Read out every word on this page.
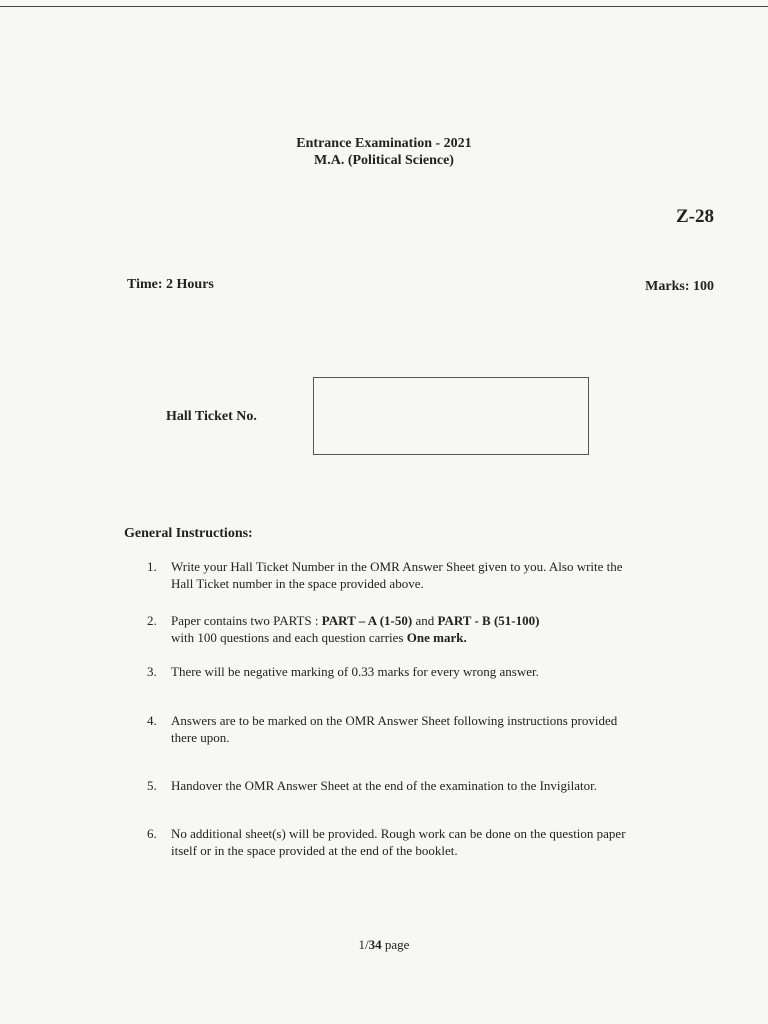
Entrance Examination - 2021
M.A. (Political Science)
Z-28
Time: 2 Hours	Marks: 100
Hall Ticket No.
General Instructions:
1. Write your Hall Ticket Number in the OMR Answer Sheet given to you. Also write the
Hall Ticket number in the space provided above.
2. Paper contains two PARTS : PART – A (1-50) and PART - B (51-100)
with 100 questions and each question carries One mark.
3. There will be negative marking of 0.33 marks for every wrong answer.
4. Answers are to be marked on the OMR Answer Sheet following instructions provided
there upon.
5. Handover the OMR Answer Sheet at the end of the examination to the Invigilator.
6. No additional sheet(s) will be provided. Rough work can be done on the question paper
itself or in the space provided at the end of the booklet.
1/34 page
